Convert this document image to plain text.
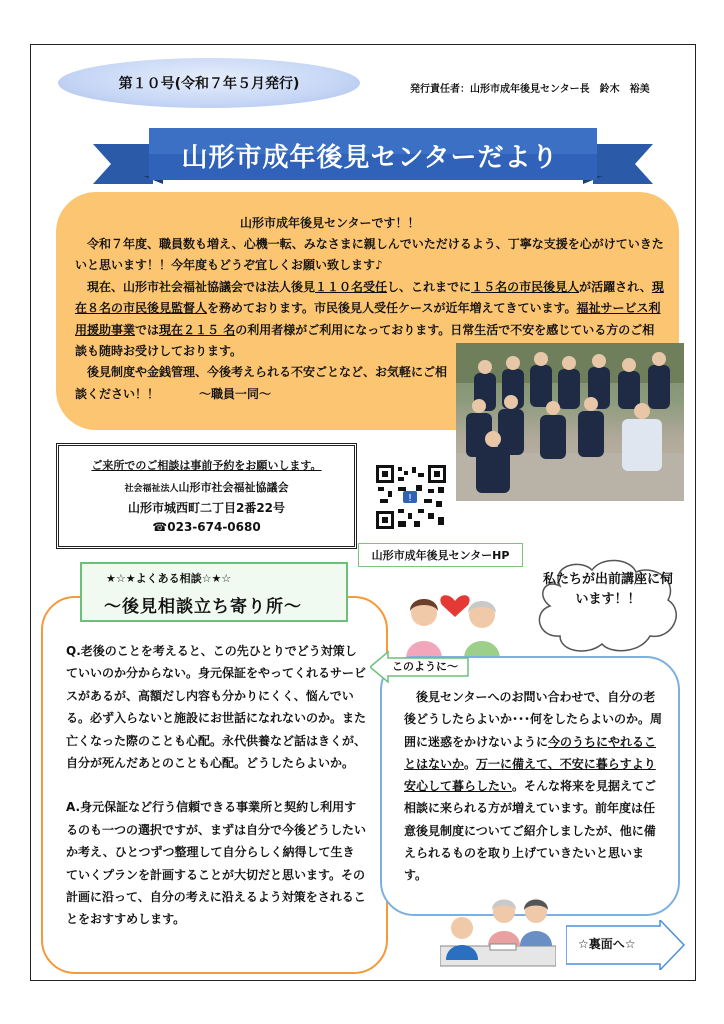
第１０号(令和７年５月発行)	発行責任者：山形市成年後見センター長　鈴木　裕美
山形市成年後見センターだより
山形市成年後見センターです！！

　令和７年度、職員数も増え、心機一転、みなさまに親しんでいただけるよう、丁寧な支援を心がけていきたいと思います！！今年度もどうぞ宜しくお願い致します♪

　現在、山形市社会福祉協議会では法人後見１１０名受任し、これまでに１５名の市民後見人が活躍され、現在８名の市民後見監督人を務めております。市民後見人受任ケースが近年増えてきています。福祉サービス利用援助事業では現在２１５ 名の利用者様がご利用になっております。日常生活で不安を感じている方のご相談も随時お受けしております。

　後見制度や金銭管理、今後考えられる不安ごとなど、お気軽にご相談ください！！	～職員一同～

ご来所でのご相談は事前予約をお願いします。
社会福祉法人山形市社会福祉協議会
山形市城西町二丁目2番22号
☎023-674-0680
!
山形市成年後見センターHP
★☆★よくある相談☆★☆
～後見相談立ち寄り所～

Q.老後のことを考えると、この先ひとりでどう対策していいのか分からない。身元保証をやってくれるサービスがあるが、高額だし内容も分かりにくく、悩んでいる。必ず入らないと施設にお世話になれないのか。また亡くなった際のことも心配。永代供養など話はきくが、自分が死んだあとのことも心配。どうしたらよいか。

A.身元保証など行う信頼できる事業所と契約し利用するのも一つの選択ですが、まずは自分で今後どうしたいか考え、ひとつずつ整理して自分らしく納得して生きていくプランを計画することが大切だと思います。その計画に沿って、自分の考えに沿えるよう対策をされることをおすすめします。

私たちが出前講座に伺います！！
このように～

　後見センターへのお問い合わせで、自分の老後どうしたらよいか･･･何をしたらよいのか。周囲に迷惑をかけないように今のうちにやれることはないか。万一に備えて、不安に暮らすより安心して暮らしたい。そんな将来を見据えてご相談に来られる方が増えています。前年度は任意後見制度についてご紹介しましたが、他に備えられるものを取り上げていきたいと思います。

☆裏面へ☆
